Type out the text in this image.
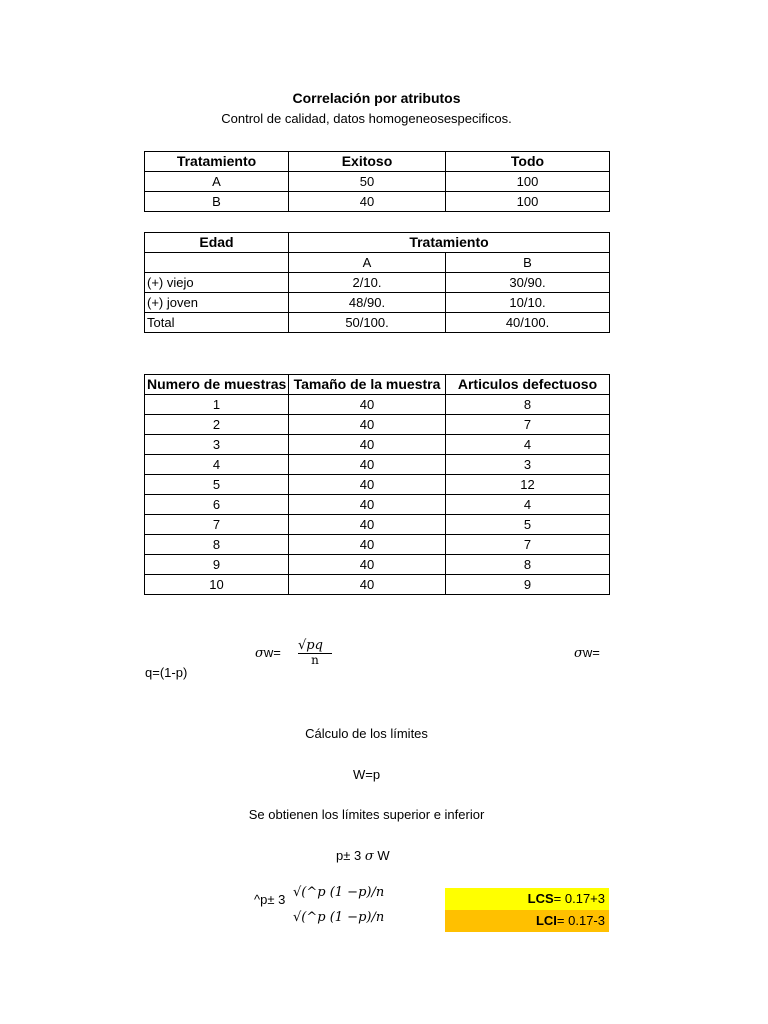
Correlación por atributos
Control de calidad, datos homogeneosespecificos.
Tratamiento	Exitoso	Todo
A	50	100
B	40	100
Edad	Tratamiento	
	A	B
(+) viejo	2/10.	30/90.
(+) joven	48/90.	10/10.
Total	50/100.	40/100.
Numero de muestras	Tamaño de la muestra	Articulos defectuoso
1	40	8
2	40	7
3	40	4
4	40	3
5	40	12
6	40	4
7	40	5
8	40	7
9	40	8
10	40	9
σw= √pq
n	σw=
q=(1-p)
Cálculo de los límites
W=p
Se obtienen los límites superior e inferior
p± 3 σ W
^p± 3 √(^p (1 −p)/n
√(^p (1 −p)/n
LCS= 0.17+3
LCI= 0.17-3
